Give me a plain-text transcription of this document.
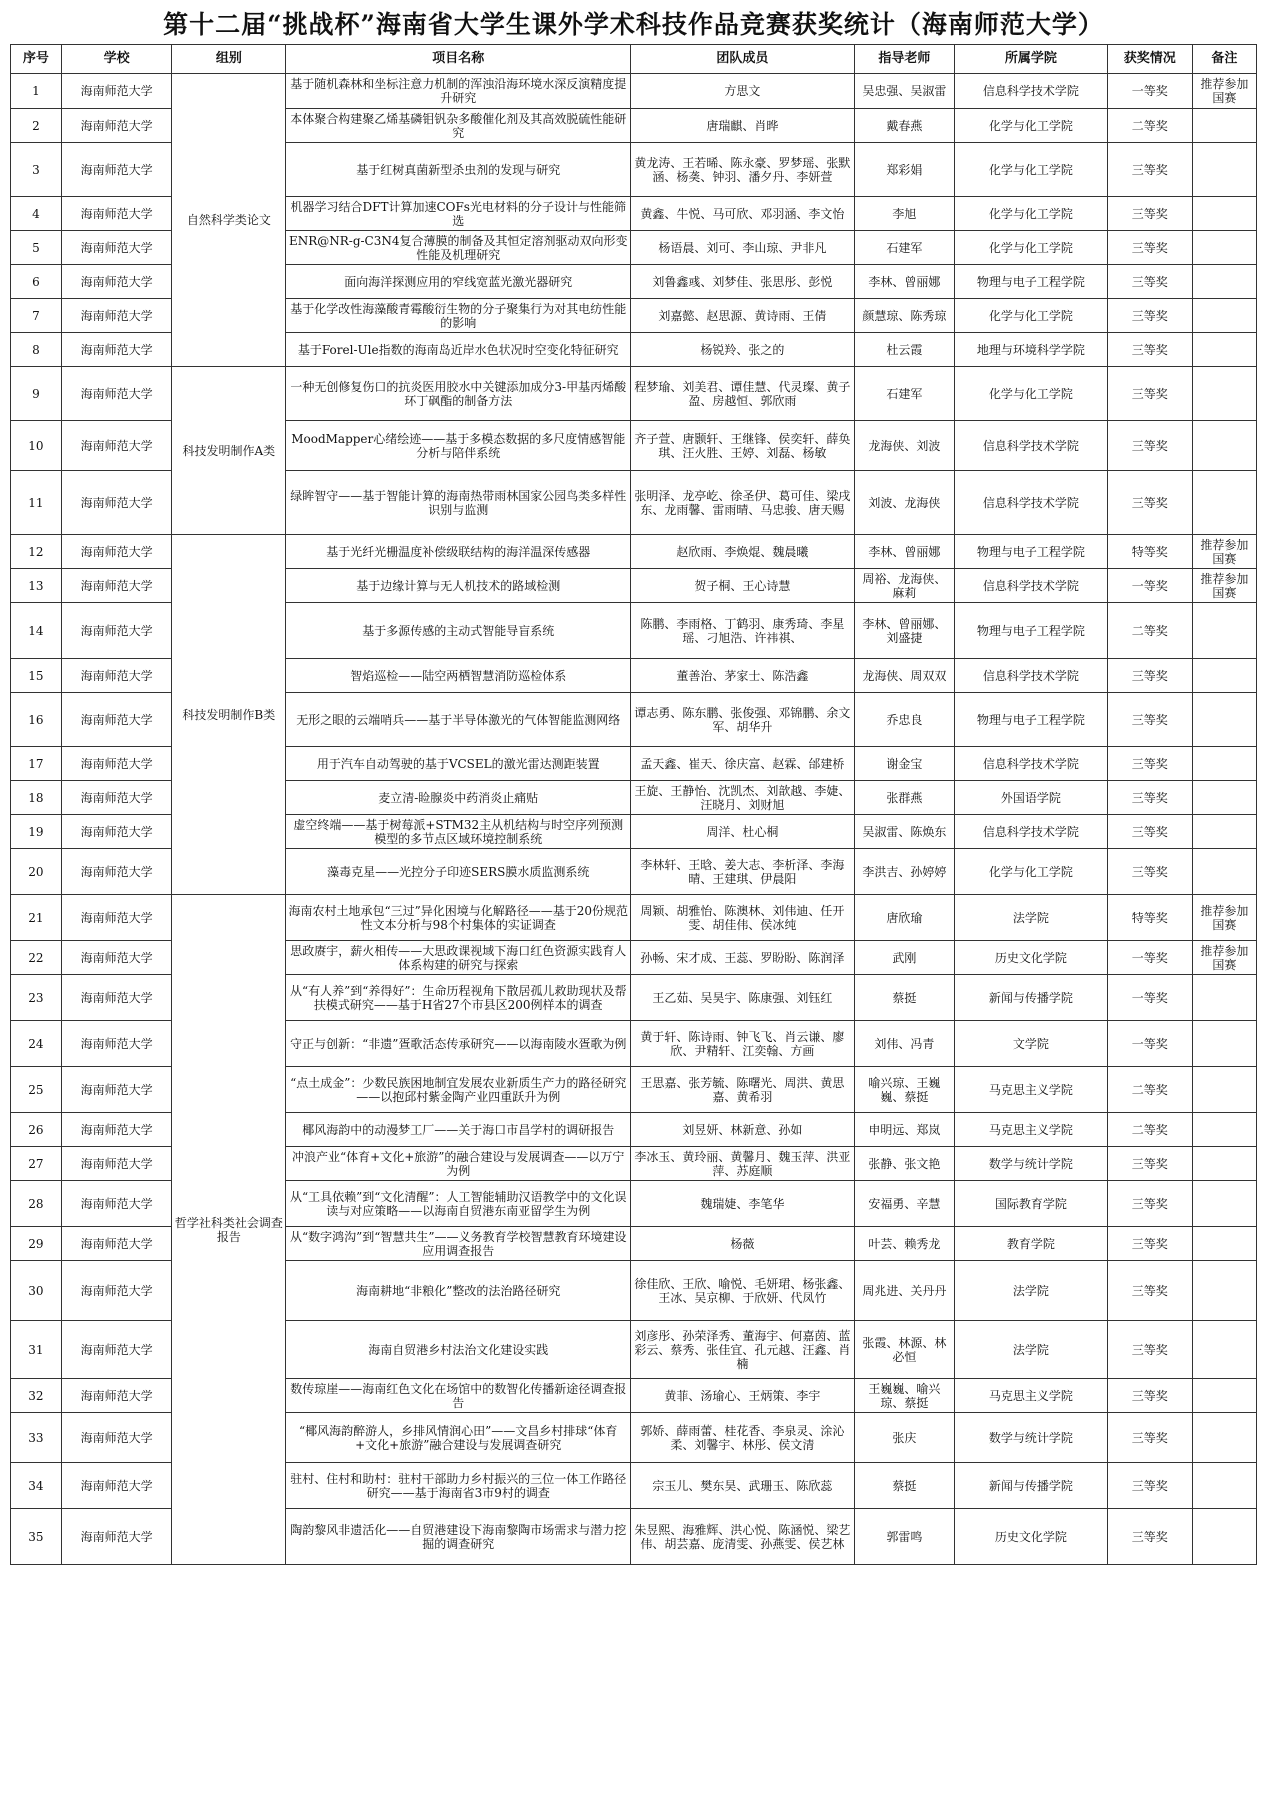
第十二届“挑战杯”海南省大学生课外学术科技作品竞赛获奖统计（海南师范大学）
序号	学校	组别	项目名称	团队成员	指导老师	所属学院	获奖情况	备注
1	海南师范大学	自然科学类论文	基于随机森林和坐标注意力机制的浑浊沿海环境水深反演精度提升研究	方思文	吴忠强、吴淑雷	信息科学技术学院	一等奖	推荐参加国赛
2	海南师范大学		本体聚合构建聚乙烯基磷钼钒杂多酸催化剂及其高效脱硫性能研究	唐瑞麒、肖晔	戴春燕	化学与化工学院	二等奖	
3	海南师范大学		基于红树真菌新型杀虫剂的发现与研究	黄龙涛、王若晞、陈永豪、罗梦瑶、张默涵、杨䶮、钟羽、潘夕丹、李妍萱	郑彩娟	化学与化工学院	三等奖	
4	海南师范大学		机器学习结合DFT计算加速COFs光电材料的分子设计与性能筛选	黄鑫、牛悦、马可欣、邓羽涵、李文怡	李旭	化学与化工学院	三等奖	
5	海南师范大学		ENR@NR-g-C3N4复合薄膜的制备及其恒定溶剂驱动双向形变性能及机理研究	杨语晨、刘可、李山琼、尹非凡	石建军	化学与化工学院	三等奖	
6	海南师范大学		面向海洋探测应用的窄线宽蓝光激光器研究	刘鲁鑫彧、刘梦佳、张思彤、彭悦	李林、曾丽娜	物理与电子工程学院	三等奖	
7	海南师范大学		基于化学改性海藻酸青霉酸衍生物的分子聚集行为对其电纺性能的影响	刘嘉懿、赵思源、黄诗雨、王倩	颜慧琼、陈秀琼	化学与化工学院	三等奖	
8	海南师范大学		基于Forel-Ule指数的海南岛近岸水色状况时空变化特征研究	杨锐羚、张之的	杜云霞	地理与环境科学学院	三等奖	
9	海南师范大学	科技发明制作A类	一种无创修复伤口的抗炎医用胶水中关键添加成分3-甲基丙烯酸环丁砜酯的制备方法	程梦瑜、刘美君、谭佳慧、代灵璨、黄子盈、房越恒、郭欣雨	石建军	化学与化工学院	三等奖	
10	海南师范大学		MoodMapper心绪绘迹——基于多模态数据的多尺度情感智能分析与陪伴系统	齐子萱、唐颢轩、王继锋、侯奕轩、薛奂琪、汪火胜、王婷、刘磊、杨敏	龙海侠、刘波	信息科学技术学院	三等奖	
11	海南师范大学		绿眸智守——基于智能计算的海南热带雨林国家公园鸟类多样性识别与监测	张明泽、龙亭屹、徐圣伊、葛可佳、梁戌东、龙雨馨、雷雨晴、马忠骏、唐天赐	刘波、龙海侠	信息科学技术学院	三等奖	
12	海南师范大学	科技发明制作B类	基于光纤光栅温度补偿级联结构的海洋温深传感器	赵欣雨、李焕焜、魏晨曦	李林、曾丽娜	物理与电子工程学院	特等奖	推荐参加国赛
13	海南师范大学		基于边缘计算与无人机技术的路域检测	贺子桐、王心诗慧	周裕、龙海侠、麻莉	信息科学技术学院	一等奖	推荐参加国赛
14	海南师范大学		基于多源传感的主动式智能导盲系统	陈鹏、李雨格、丁鹤羽、康秀琦、李星瑶、刁旭浩、许祎祺、	李林、曾丽娜、刘盛捷	物理与电子工程学院	二等奖	
15	海南师范大学		智焰巡检——陆空两栖智慧消防巡检体系	董善治、茅家士、陈浩鑫	龙海侠、周双双	信息科学技术学院	三等奖	
16	海南师范大学		无形之眼的云端哨兵——基于半导体激光的气体智能监测网络	谭志勇、陈东鹏、张俊强、邓锦鹏、余文军、胡华升	乔忠良	物理与电子工程学院	三等奖	
17	海南师范大学		用于汽车自动驾驶的基于VCSEL的激光雷达测距装置	孟天鑫、崔天、徐庆富、赵霖、邰建桥	谢金宝	信息科学技术学院	三等奖	
18	海南师范大学		麦立清-睑腺炎中药消炎止痛贴	王旋、王静怡、沈凯杰、刘歆越、李婕、汪晓月、刘财旭	张群燕	外国语学院	三等奖	
19	海南师范大学		虚空终端——基于树莓派+STM32主从机结构与时空序列预测模型的多节点区域环境控制系统	周洋、杜心桐	吴淑雷、陈焕东	信息科学技术学院	三等奖	
20	海南师范大学		藻毒克星——光控分子印迹SERS膜水质监测系统	李林轩、王晗、姜大志、李析泽、李海晴、王建琪、伊晨阳	李洪吉、孙婷婷	化学与化工学院	三等奖	
21	海南师范大学	哲学社科类社会调查报告	海南农村土地承包“三过”异化困境与化解路径——基于20份规范性文本分析与98个村集体的实证调查	周颖、胡雅怡、陈澳林、刘伟迪、任开雯、胡佳伟、侯冰纯	唐欣瑜	法学院	特等奖	推荐参加国赛
22	海南师范大学		思政赓宇，薪火相传——大思政课视域下海口红色资源实践育人体系构建的研究与探索	孙畅、宋才成、王蕊、罗盼盼、陈润泽	武刚	历史文化学院	一等奖	推荐参加国赛
23	海南师范大学		从“有人养”到“养得好”：生命历程视角下散居孤儿救助现状及帮扶模式研究——基于H省27个市县区200例样本的调查	王乙茹、吴昊宇、陈康强、刘钰红	蔡挺	新闻与传播学院	一等奖	
24	海南师范大学		守正与创新：“非遗”疍歌活态传承研究——以海南陵水疍歌为例	黄于轩、陈诗雨、钟飞飞、肖云谦、廖欣、尹精轩、江奕翰、方画	刘伟、冯青	文学院	一等奖	
25	海南师范大学		“点土成金”：少数民族困地制宜发展农业新质生产力的路径研究——以抱邱村紫金陶产业四重跃升为例	王思嘉、张芳毓、陈曙光、周洪、黄思嘉、黄希羽	喻兴琼、王巍巍、蔡挺	马克思主义学院	二等奖	
26	海南师范大学		椰风海韵中的动漫梦工厂——关于海口市昌学村的调研报告	刘昱妍、林新意、孙如	申明远、郑岚	马克思主义学院	二等奖	
27	海南师范大学		冲浪产业“体育+文化+旅游”的融合建设与发展调查——以万宁为例	李冰玉、黄玲丽、黄馨月、魏玉萍、洪亚萍、苏庭顺	张静、张文艳	数学与统计学院	三等奖	
28	海南师范大学		从“工具依赖”到“文化清醒”：人工智能辅助汉语教学中的文化误读与对应策略——以海南自贸港东南亚留学生为例	魏瑞婕、李笔华	安福勇、辛慧	国际教育学院	三等奖	
29	海南师范大学		从“数字鸿沟”到“智慧共生”——义务教育学校智慧教育环境建设应用调查报告	杨薇	叶芸、赖秀龙	教育学院	三等奖	
30	海南师范大学		海南耕地“非粮化”整改的法治路径研究	徐佳欣、王欣、喻悦、毛妍珺、杨张鑫、王冰、吴京柳、于欣妍、代凤竹	周兆进、关丹丹	法学院	三等奖	
31	海南师范大学		海南自贸港乡村法治文化建设实践	刘彦彤、孙荣泽秀、董海宇、何嘉茵、蓝彩云、蔡秀、张佳宜、孔元越、汪鑫、肖楠	张霞、林源、林必恒	法学院	三等奖	
32	海南师范大学		数传琼崖——海南红色文化在场馆中的数智化传播新途径调查报告	黄菲、汤瑜心、王炳策、李宇	王巍巍、喻兴琼、蔡挺	马克思主义学院	三等奖	
33	海南师范大学		“椰风海韵醉游人，乡排风情润心田”——文昌乡村排球“体育+文化+旅游”融合建设与发展调查研究	郭娇、薛雨蕾、桂花香、李泉灵、涂沁柔、刘馨宇、林彤、侯文清	张庆	数学与统计学院	三等奖	
34	海南师范大学		驻村、住村和助村：驻村干部助力乡村振兴的三位一体工作路径研究——基于海南省3市9村的调查	宗玉儿、樊东昊、武珊玉、陈欣蕊	蔡挺	新闻与传播学院	三等奖	
35	海南师范大学		陶韵黎风非遗活化——自贸港建设下海南黎陶市场需求与潜力挖掘的调查研究	朱昱熙、海雅辉、洪心悦、陈涵悦、梁艺伟、胡芸嘉、庞清雯、孙燕雯、侯艺林	郭雷鸣	历史文化学院	三等奖	
